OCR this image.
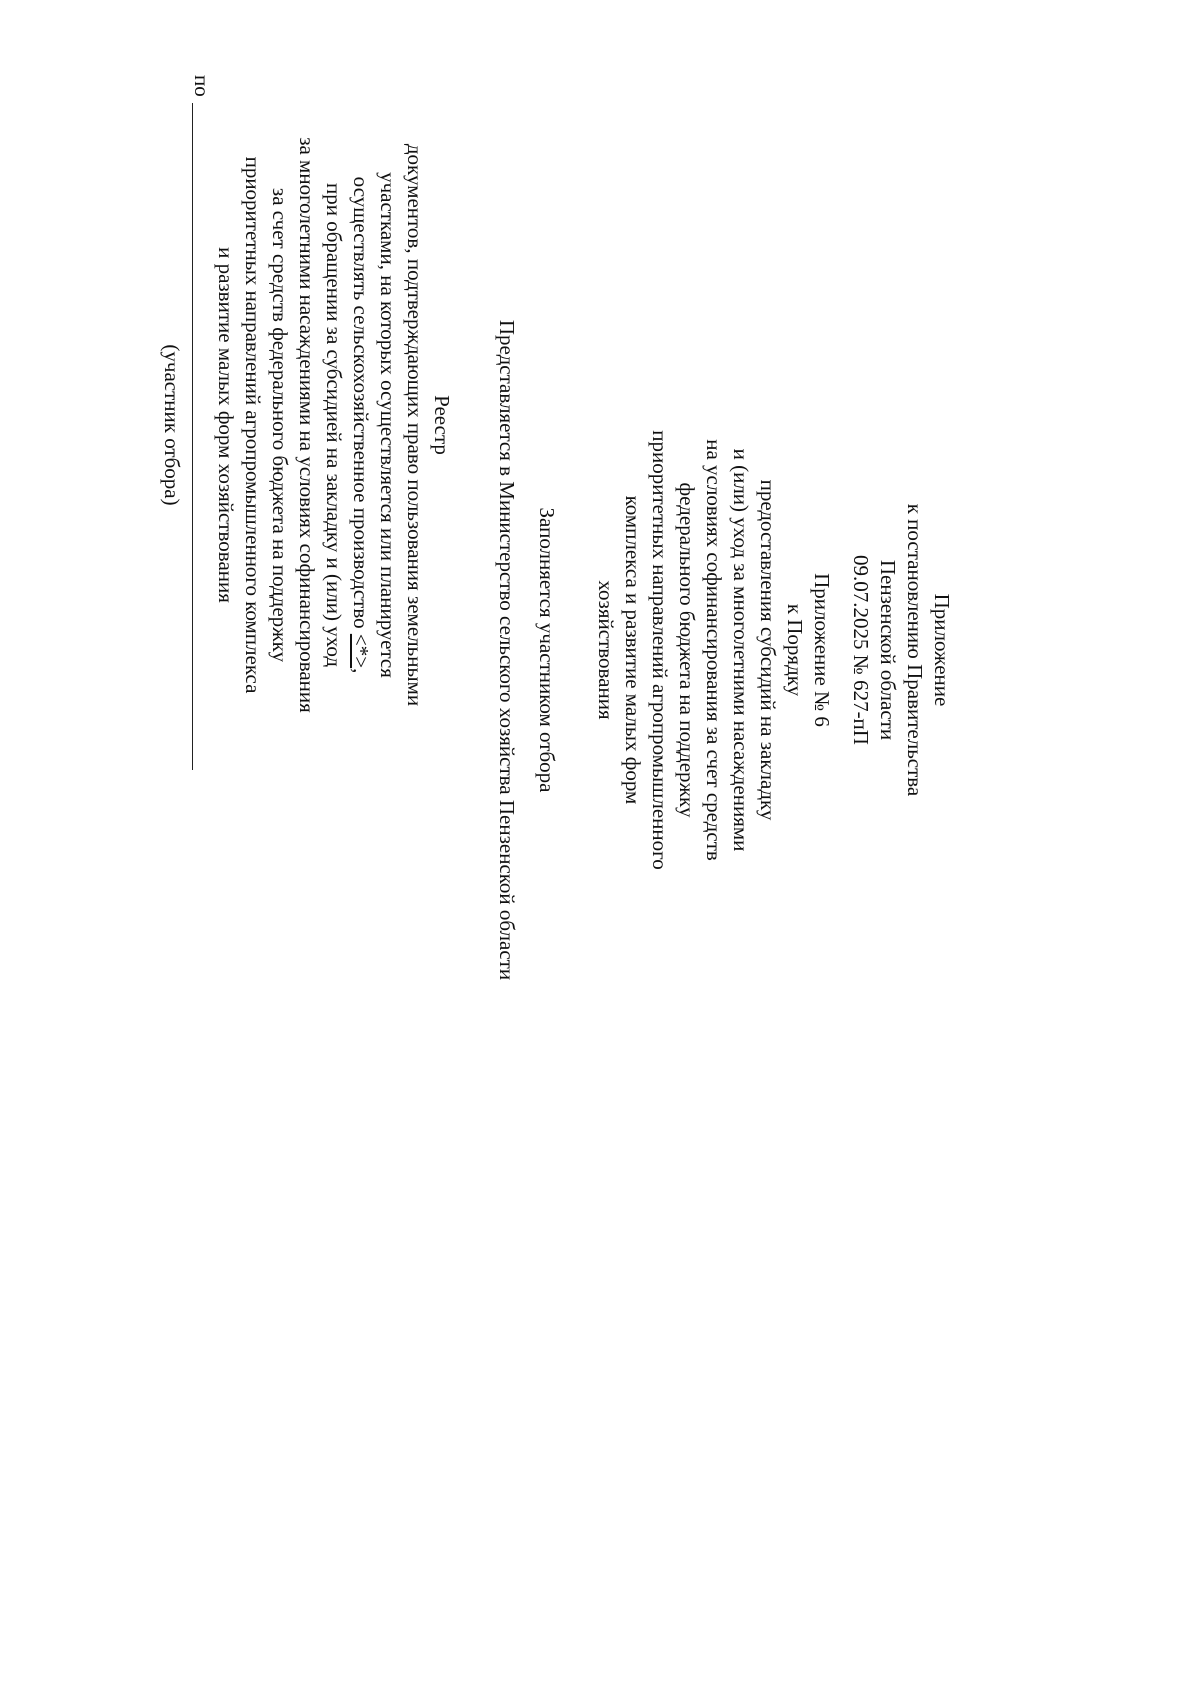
Приложение
к постановлению Правительства
Пензенской области
09.07.2025 № 627-пП
Приложение № 6
к Порядку
предоставления субсидий на закладку
и (или) уход за многолетними насаждениями
на условиях софинансирования за счет средств
федерального бюджета на поддержку
приоритетных направлений агропромышленного
комплекса и развитие малых форм
хозяйствования
Заполняется участником отбора
Представляется в Министерство сельского хозяйства Пензенской области
Реестр
документов, подтверждающих право пользования земельными
участками, на которых осуществляется или планируется
осуществлять сельскохозяйственное производство <*>,
при обращении за субсидией на закладку и (или) уход
за многолетними насаждениями на условиях софинансирования
за счет средств федерального бюджета на поддержку
приоритетных направлений агропромышленного комплекса
и развитие малых форм хозяйствования
по
(участник отбора)
